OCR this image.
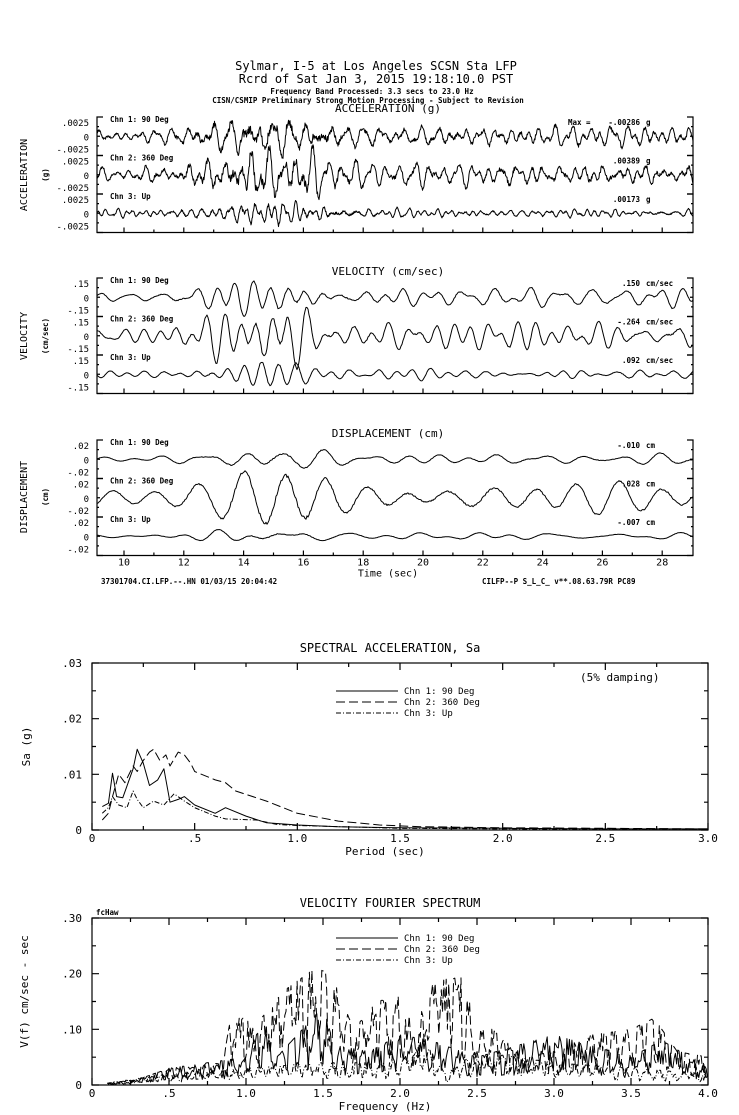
Sylmar, I-5 at Los Angeles SCSN Sta LFP
Rcrd of Sat Jan 3, 2015 19:18:10.0 PST
Frequency Band Processed: 3.3 secs to 23.0 Hz
CISN/CSMIP Preliminary Strong Motion Processing - Subject to Revision
ACCELERATION (g)
ACCELERATION (g)
.0025
0
-.0025
Chn 1: 90 Deg	-.00286 g
Max =
.0025
0
-.0025
Chn 2: 360 Deg	.00389 g
.0025
0
-.0025
Chn 3: Up	.00173 g
VELOCITY (cm/sec)
VELOCITY (cm/sec)
.15
0
-.15
Chn 1: 90 Deg	.150 cm/sec
.15
0
-.15
Chn 2: 360 Deg	-.264 cm/sec
.15
0
-.15
Chn 3: Up	.092 cm/sec
DISPLACEMENT (cm)
DISPLACEMENT (cm)
.02
0
-.02
Chn 1: 90 Deg	-.010 cm
.02
0
-.02
Chn 2: 360 Deg	.028 cm
.02
0
-.02
Chn 3: Up	-.007 cm
10	12	14	16	18	20	22	24	26	28
Time (sec)
SPECTRAL ACCELERATION, Sa
0	.5	1.0	1.5	2.0	2.5	3.0
0
.01
.02
.03
Period (sec)
Sa (g)
(5% damping)
Chn 1: 90 Deg
Chn 2: 360 Deg
Chn 3: Up
VELOCITY FOURIER SPECTRUM
0	.5	1.0	1.5	2.0	2.5	3.0	3.5	4.0
0
.10
.20
.30
Frequency (Hz)
V(f) cm/sec - sec
fcHaw
Chn 1: 90 Deg
Chn 2: 360 Deg
Chn 3: Up
37301704.CI.LFP.--.HN 01/03/15 20:04:42	CILFP--P S_L_C_ v**.08.63.79R PC89
